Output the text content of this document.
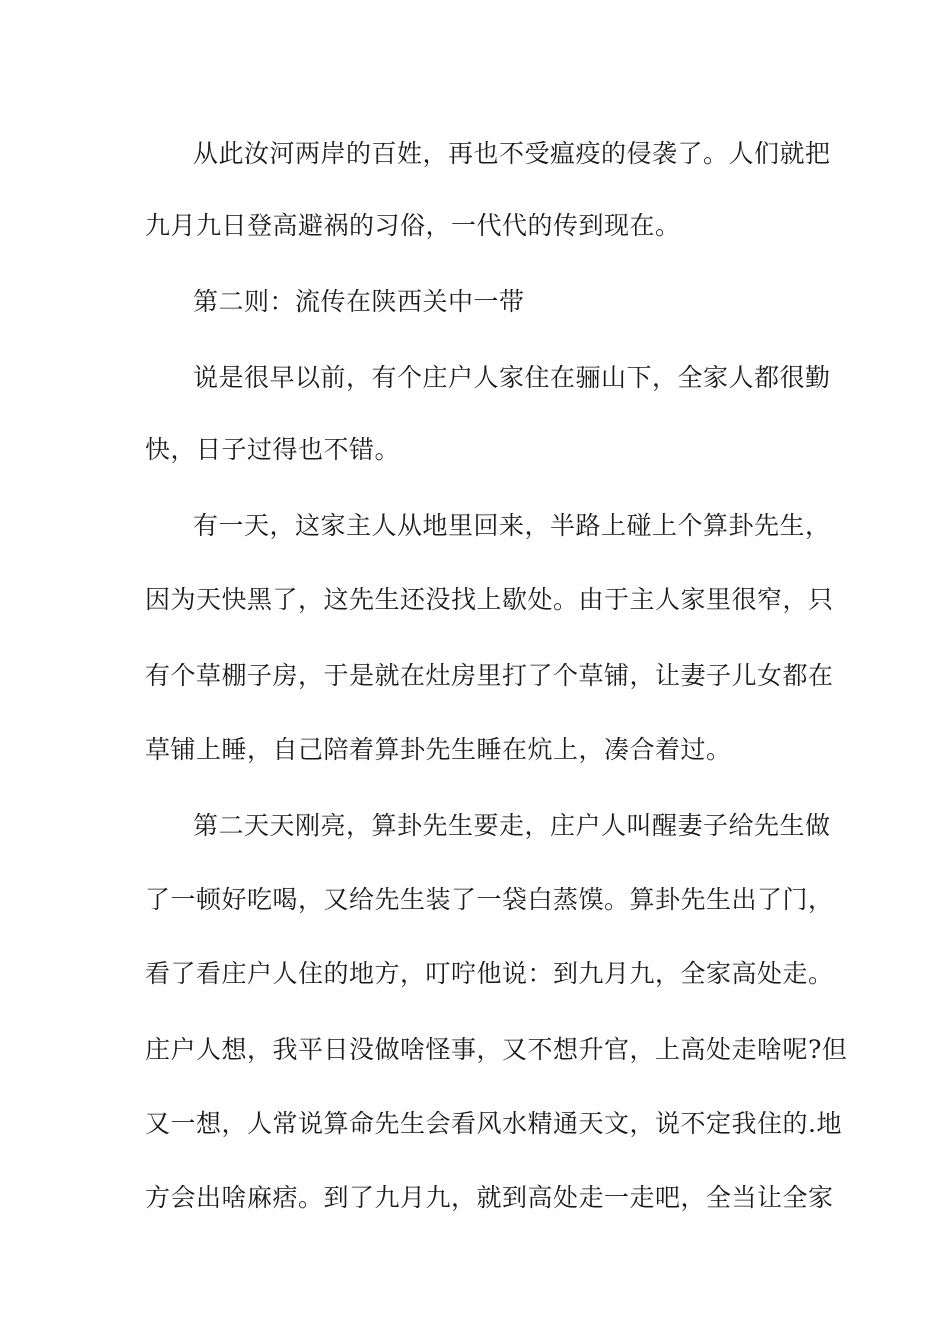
从此汝河两岸的百姓，再也不受瘟疫的侵袭了。人们就把
九月九日登高避祸的习俗，一代代的传到现在。
第二则：流传在陕西关中一带
说是很早以前，有个庄户人家住在骊山下，全家人都很勤
快，日子过得也不错。
有一天，这家主人从地里回来，半路上碰上个算卦先生，
因为天快黑了，这先生还没找上歇处。由于主人家里很窄，只
有个草棚子房，于是就在灶房里打了个草铺，让妻子儿女都在
草铺上睡，自己陪着算卦先生睡在炕上，凑合着过。
第二天天刚亮，算卦先生要走，庄户人叫醒妻子给先生做
了一顿好吃喝，又给先生装了一袋白蒸馍。算卦先生出了门，
看了看庄户人住的地方，叮咛他说：到九月九，全家高处走。
庄户人想，我平日没做啥怪事，又不想升官，上高处走啥呢?但
又一想，人常说算命先生会看风水精通天文，说不定我住的.地
方会出啥麻痞。到了九月九，就到高处走一走吧，全当让全家
